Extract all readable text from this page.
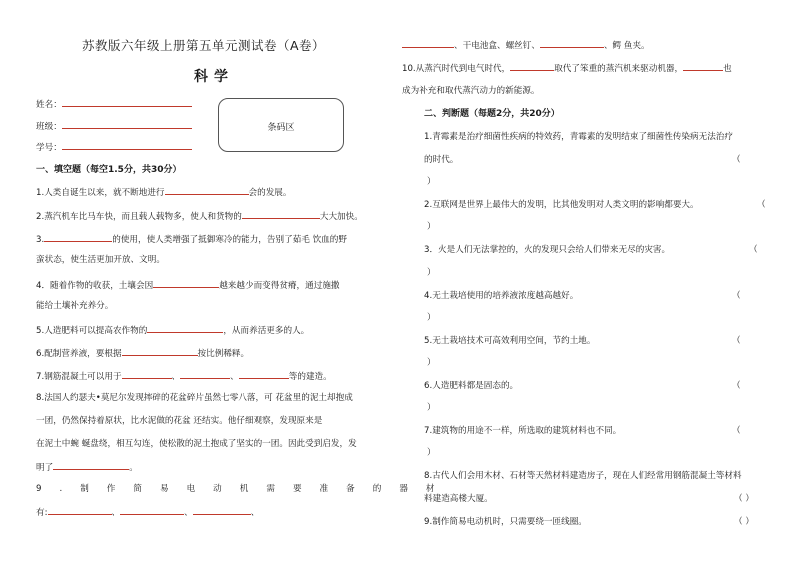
苏教版六年级上册第五单元测试卷（A卷）
科学
姓名：
班级：
学号：
条码区
一、填空题（每空1.5分，共30分）
1.人类自诞生以来，就不断地进行	会的发展。
2.蒸汽机车比马车快，而且载人载物多，使人和货物的	大大加快。
3.	的使用，使人类增强了抵御寒冷的能力，告别了茹毛 饮血的野
蛮状态，使生活更加开放、文明。
4．随着作物的收获，土壤会因	越来越少而变得贫瘠，通过施撒
能给土壤补充养分。
5.人造肥料可以提高农作物的	，从而养活更多的人。
6.配制营养液，要根据	按比例稀释。
7.钢筋混凝土可以用于	、	、	等的建造。
8.法国人约瑟夫•莫尼尔发现摔碎的花盆碎片虽然七零八落，可 花盆里的泥土却抱成
一团，仍然保持着原状，比水泥做的花盆 还结实。他仔细观察，发现原来是
在泥土中蜿 蜒盘绕，相互勾连，使松散的泥土抱成了坚实的一团。因此受到启发，发
明了	。
9.制作简易电动机需要准备的器材
有:	、	、	、
、干电池盒、螺丝钉、	、鳄 鱼夹。
10.从蒸汽时代到电气时代，	取代了笨重的蒸汽机来驱动机器，	也
成为补充和取代蒸汽动力的新能源。
二、判断题（每题2分，共20分）
1.青霉素是治疗细菌性疾病的特效药，青霉素的发明结束了细菌性传染病无法治疗
的时代。	（
）
2.互联网是世界上最伟大的发明，比其他发明对人类文明的影响都要大。	（
）
3．火是人们无法掌控的，火的发现只会给人们带来无尽的灾害。	（
）
4.无土栽培使用的培养液浓度越高越好。	（
）
5.无土栽培技术可高效利用空间，节约土地。	（
）
6.人造肥料都是固态的。	（
）
7.建筑物的用途不一样，所选取的建筑材料也不同。	（
）
8.古代人们会用木材、石材等天然材料建造房子，现在人们经常用钢筋混凝土等材料
料建造高楼大厦。	（ ）
9.制作简易电动机时，只需要绕一匝线圈。	（ ）
